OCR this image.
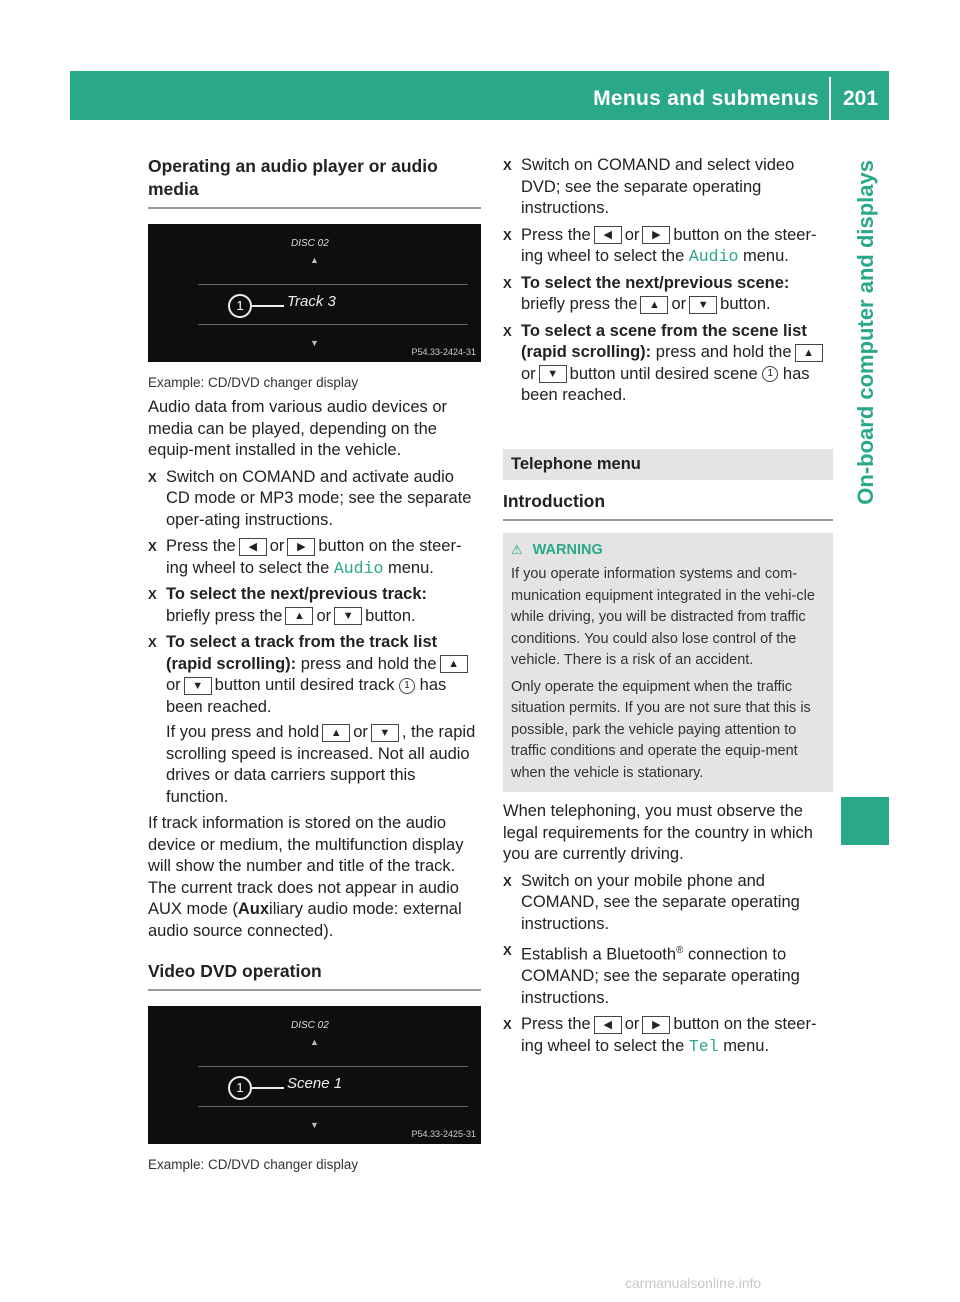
Menus and submenus 201
On-board computer and displays
Operating an audio player or audio media
DISC 02
▲
1	Track 3
▼
P54.33-2424-31
Example: CD/DVD changer display

Audio data from various audio devices or media can be played, depending on the equip-ment installed in the vehicle.

X Switch on COMAND and activate audio CD mode or MP3 mode; see the separate oper-ating instructions.
X Press the ◀ or ▶ button on the steer-ing wheel to select the Audio menu.
X To select the next/previous track:
briefly press the ▲ or ▼ button.
X To select a track from the track list (rapid scrolling): press and hold the ▲
or ▼ button until desired track 1 has been reached.
If you press and hold ▲ or ▼ , the rapid scrolling speed is increased. Not all audio drives or data carriers support this function.

If track information is stored on the audio device or medium, the multifunction display will show the number and title of the track. The current track does not appear in audio AUX mode (Auxiliary audio mode: external audio source connected).

Video DVD operation
DISC 02
▲
1	Scene 1
▼
P54.33-2425-31
Example: CD/DVD changer display
X Switch on COMAND and select video DVD; see the separate operating instructions.
X Press the ◀ or ▶ button on the steer-ing wheel to select the Audio menu.
X To select the next/previous scene:
briefly press the ▲ or ▼ button.
X To select a scene from the scene list (rapid scrolling): press and hold the ▲
or ▼ button until desired scene 1 has been reached.
Telephone menu
Introduction
⚠ WARNING
If you operate information systems and com-munication equipment integrated in the vehi-cle while driving, you will be distracted from traffic conditions. You could also lose control of the vehicle. There is a risk of an accident.
Only operate the equipment when the traffic situation permits. If you are not sure that this is possible, park the vehicle paying attention to traffic conditions and operate the equip-ment when the vehicle is stationary.

When telephoning, you must observe the legal requirements for the country in which you are currently driving.

X Switch on your mobile phone and COMAND, see the separate operating instructions.
X Establish a Bluetooth® connection to COMAND; see the separate operating instructions.
X Press the ◀ or ▶ button on the steer-ing wheel to select the Tel menu.
carmanualsonline.info
